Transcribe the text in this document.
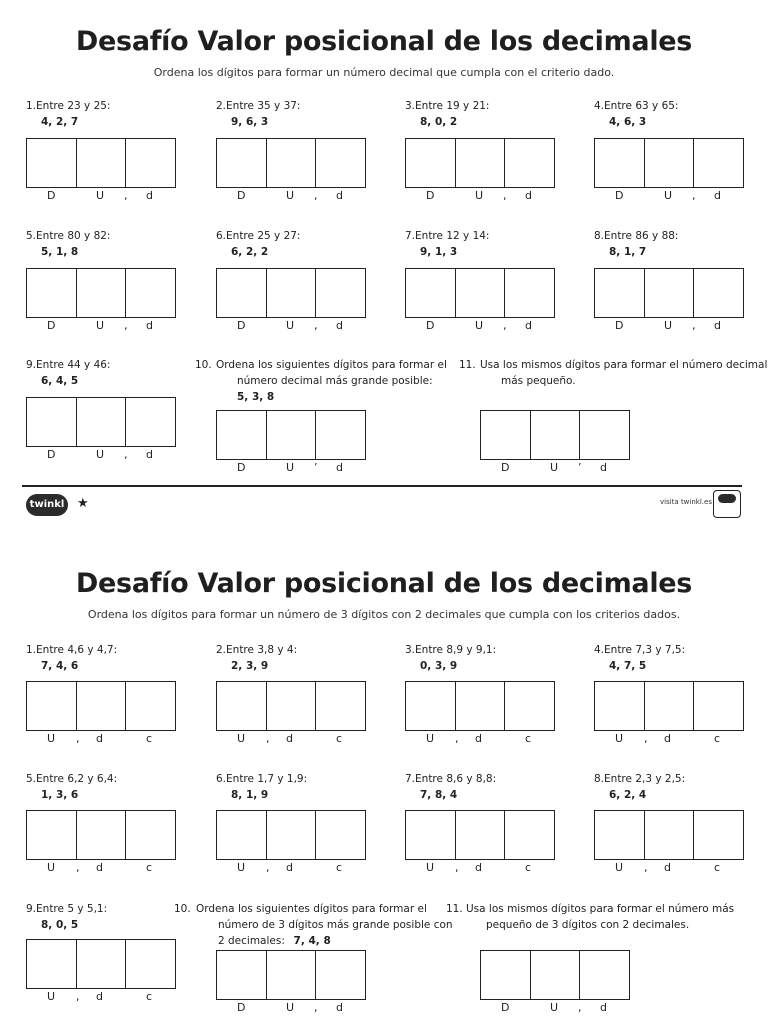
Desafío Valor posicional de los decimales
Ordena los dígitos para formar un número decimal que cumpla con el criterio dado.
1.Entre 23 y 25:
4, 2, 7
D	U , d
2.Entre 35 y 37:
9, 6, 3
D	U , d
3.Entre 19 y 21:
8, 0, 2
D	U , d
4.Entre 63 y 65:
4, 6, 3
D	U , d
5.Entre 80 y 82:
5, 1, 8
D	U , d
6.Entre 25 y 27:
6, 2, 2
D	U , d
7.Entre 12 y 14:
9, 1, 3
D	U , d
8.Entre 86 y 88:
8, 1, 7
D	U , d
9.Entre 44 y 46:
6, 4, 5
D	U , d
10.Ordena los siguientes dígitos para formar el número decimal más grande posible:
5, 3, 8
D	U ’ d
11.Usa los mismos dígitos para formar el número decimal más pequeño.
D	U ’ d
twinkl ★	visita twinkl.es
Desafío Valor posicional de los decimales
Ordena los dígitos para formar un número de 3 dígitos con 2 decimales que cumpla con los criterios dados.
1.Entre 4,6 y 4,7:
7, 4, 6
U , d	c
2.Entre 3,8 y 4:
2, 3, 9
U , d	c
3.Entre 8,9 y 9,1:
0, 3, 9
U , d	c
4.Entre 7,3 y 7,5:
4, 7, 5
U , d	c
5.Entre 6,2 y 6,4:
1, 3, 6
U , d	c
6.Entre 1,7 y 1,9:
8, 1, 9
U , d	c
7.Entre 8,6 y 8,8:
7, 8, 4
U , d	c
8.Entre 2,3 y 2,5:
6, 2, 4
U , d	c
9.Entre 5 y 5,1:
8, 0, 5
U , d	c
10.Ordena los siguientes dígitos para formar el número de 3 dígitos más grande posible con 2 decimales: 7, 4, 8
D	U , d
11.Usa los mismos dígitos para formar el número más pequeño de 3 dígitos con 2 decimales.
D	U , d
